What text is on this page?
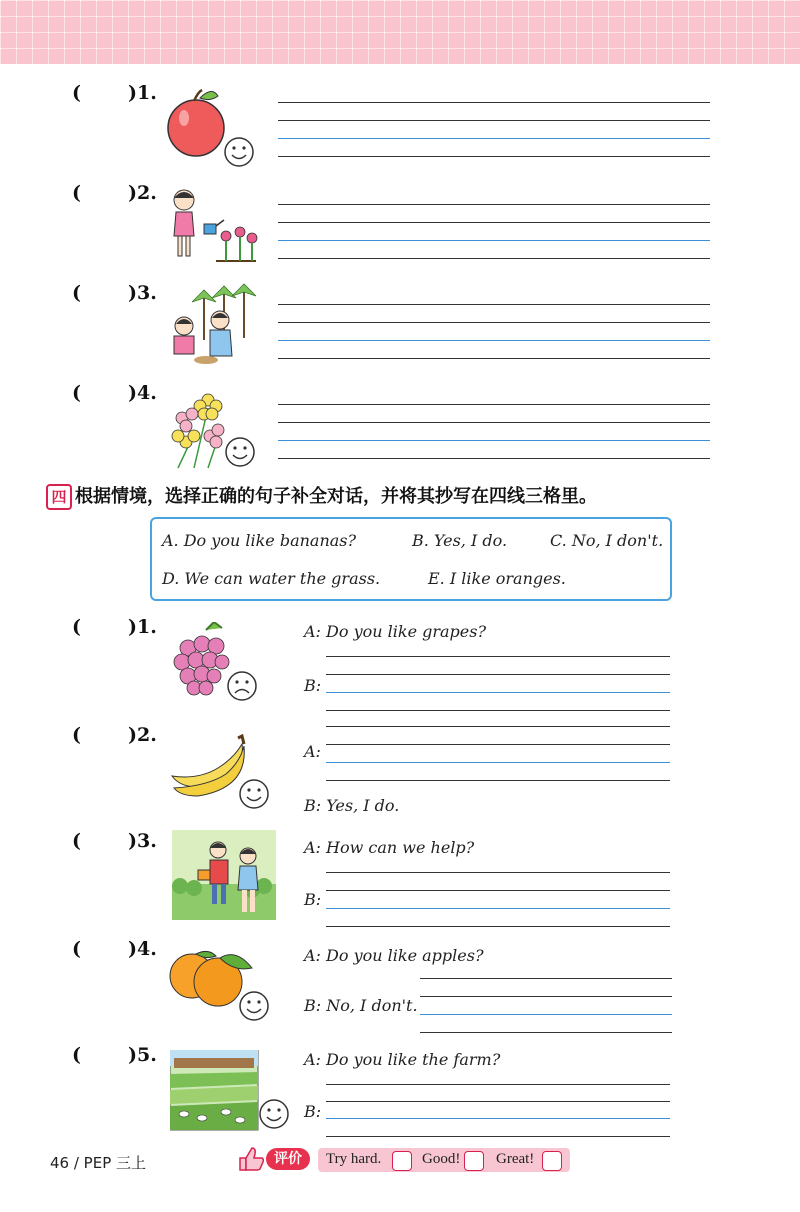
( )1.
( )2.
( )3.
( )4.
四 根据情境，选择正确的句子补全对话，并将其抄写在四线三格里。
A. Do you like bananas?	B. Yes, I do.	C. No, I don't.
D. We can water the grass.	E. I like oranges.
( )1.	A: Do you like grapes?
B:
( )2.
A:
B: Yes, I do.
( )3.	A: How can we help?
B:
( )4.	A: Do you like apples?
B: No, I don't.
( )5.	A: Do you like the farm?
B:
46 / PEP 三上	评价	Try hard.	Good! Great!
